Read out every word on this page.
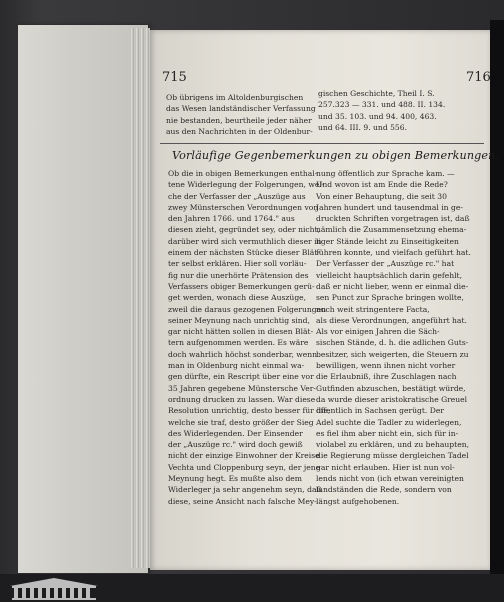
715	716
Ob übrigens im Altoldenburgischen
das Wesen landständischer Verfassung
nie bestanden, beurtheile jeder näher
aus den Nachrichten in der Oldenbur-
gischen Geschichte, Theil I. S.
257.323 — 331. und 488. II. 134.
und 35. 103. und 94. 400, 463.
und 64. III. 9. und 556.
Vorläufige Gegenbemerkungen zu obigen Bemerkungen.
Ob die in obigen Bemerkungen enthal-
tene Widerlegung der Folgerungen, wel-
che der Verfasser der „Auszüge aus
zwey Münsterschen Verordnungen von
den Jahren 1766. und 1764." aus
diesen zieht, gegründet sey, oder nicht,
darüber wird sich vermuthlich dieser in
einem der nächsten Stücke dieser Blät-
ter selbst erklären. Hier soll vorläu-
fig nur die unerhörte Prätension des
Verfassers obiger Bemerkungen gerü-
get werden, wonach diese Auszüge,
zweil die daraus gezogenen Folgerungen
seiner Meynung nach unrichtig sind,
gar nicht hätten sollen in diesen Blät-
tern aufgenommen werden. Es wäre
doch wahrlich höchst sonderbar, wenn
man in Oldenburg nicht einmal wa-
gen dürfte, ein Rescript über eine vor
35 Jahren gegebene Münstersche Ver-
ordnung drucken zu lassen. War diese
Resolution unrichtig, desto besser für die,
welche sie traf, desto größer der Sieg
des Widerlegenden. Der Einsender
der „Auszüge rc." wird doch gewiß
nicht der einzige Einwohner der Kreise
Vechta und Cloppenburg seyn, der jene
Meynung hegt. Es mußte also dem
Widerleger ja sehr angenehm seyn, daß
diese, seine Ansicht nach falsche Mey-
nung öffentlich zur Sprache kam. —
Und wovon ist am Ende die Rede?
Von einer Behauptung, die seit 30
Jahren hundert und tausendmal in ge-
druckten Schriften vorgetragen ist, daß
nämlich die Zusammensetzung ehema-
liger Stände leicht zu Einseitigkeiten
führen konnte, und vielfach geführt hat.
Der Verfasser der „Auszüge rc." hat
vielleicht hauptsächlich darin gefehlt,
daß er nicht lieber, wenn er einmal die-
sen Punct zur Sprache bringen wollte,
noch weit stringentere Facta,
als diese Verordnungen, angeführt hat.
Als vor einigen Jahren die Säch-
sischen Stände, d. h. die adlichen Guts-
besitzer, sich weigerten, die Steuern zu
bewilligen, wenn ihnen nicht vorher
die Erlaubniß, ihre Zuschlagen nach
Gutfinden abzuschen, bestätigt würde,
da wurde dieser aristokratische Greuel
öffentlich in Sachsen gerügt. Der
Adel suchte die Tadler zu widerlegen,
es fiel ihm aber nicht ein, sich für in-
violabel zu erklären, und zu behaupten,
die Regierung müsse dergleichen Tadel
gar nicht erlauben. Hier ist nun vol-
lends nicht von (ich etwan vereinigten
landständen die Rede, sondern von
längst aufgehobenen.
